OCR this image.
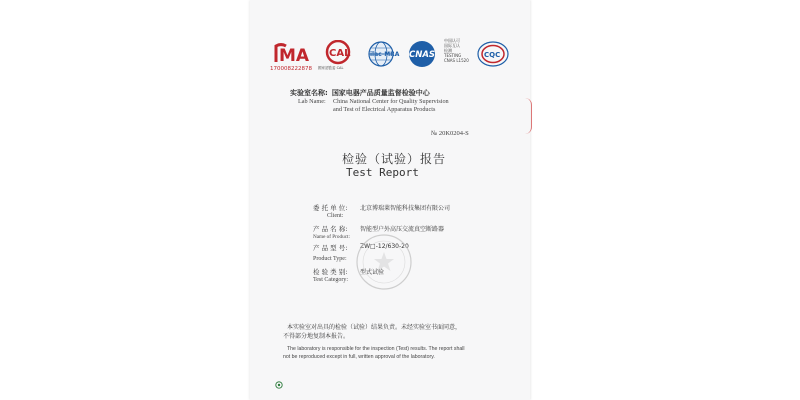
MA
170008222878
CAL
國家認監委 CAL
ilac-MRA CNAS
中国认可
国际互认
检测
TESTING
CNAS L1520
CQC
实验室名称: 国家电器产品质量监督检验中心
Lab Name: China National Center for Quality Supervision
and Test of Electrical Apparatus Products
№ 20K0204-S
检验（试验）报告
Test Report
委 托 单 位: 北京博瑞莱智能科技集团有限公司
Client:
产 品 名 称: 智能型户外高压交流真空断路器
Name of Product:
产 品 型 号: ZW□-12/630-20
Product Type:
检 验 类 别: 型式试验
Test Category:
本实验室对出具的检验（试验）结果负责。未经实验室书面同意，
不得部分地复制本报告。
The laboratory is responsible for the inspection (Test) results. The report shall
not be reproduced except in full, written approval of the laboratory.
